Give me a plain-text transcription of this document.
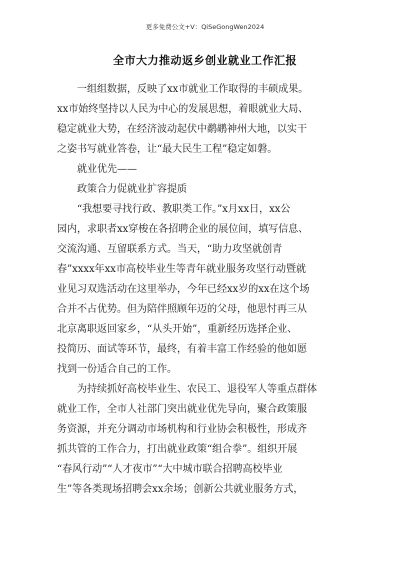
更多免费公文+V：QiSeGongWen2024
全市大力推动返乡创业就业工作汇报
一组组数据，反映了xx市就业工作取得的丰硕成果。
xx市始终坚持以人民为中心的发展思想，着眼就业大局、
稳定就业大势，在经济波动起伏中鹬鹕神州大地，以实干
之姿书写就业答卷，让“最大民生工程”稳定如磐。
就业优先——
政策合力促就业扩容提质
“我想要寻找行政、教职类工作。”x月xx日，xx公
园内，求职者xx穿梭在各招聘企业的展位间，填写信息、
交流沟通、互留联系方式。当天，“助力攻坚就创青
春”xxxx年xx市高校毕业生等青年就业服务攻坚行动暨就
业见习双选活动在这里举办，今年已经xx岁的xx在这个场
合并不占优势。但为陪伴照顾年迈的父母，他思忖再三从
北京离职返回家乡，“从头开始”，重新经历选择企业、
投简历、面试等环节，最终，有着丰富工作经验的他如愿
找到一份适合自己的工作。
为持续抓好高校毕业生、农民工、退役军人等重点群体
就业工作，全市人社部门突出就业优先导向，聚合政策服
务资源，并充分调动市场机构和行业协会积极性，形成齐
抓共管的工作合力，打出就业政策“组合拳”。组织开展
“春风行动”“人才夜市”“大中城市联合招聘高校毕业
生”等各类现场招聘会xx余场；创新公共就业服务方式，
